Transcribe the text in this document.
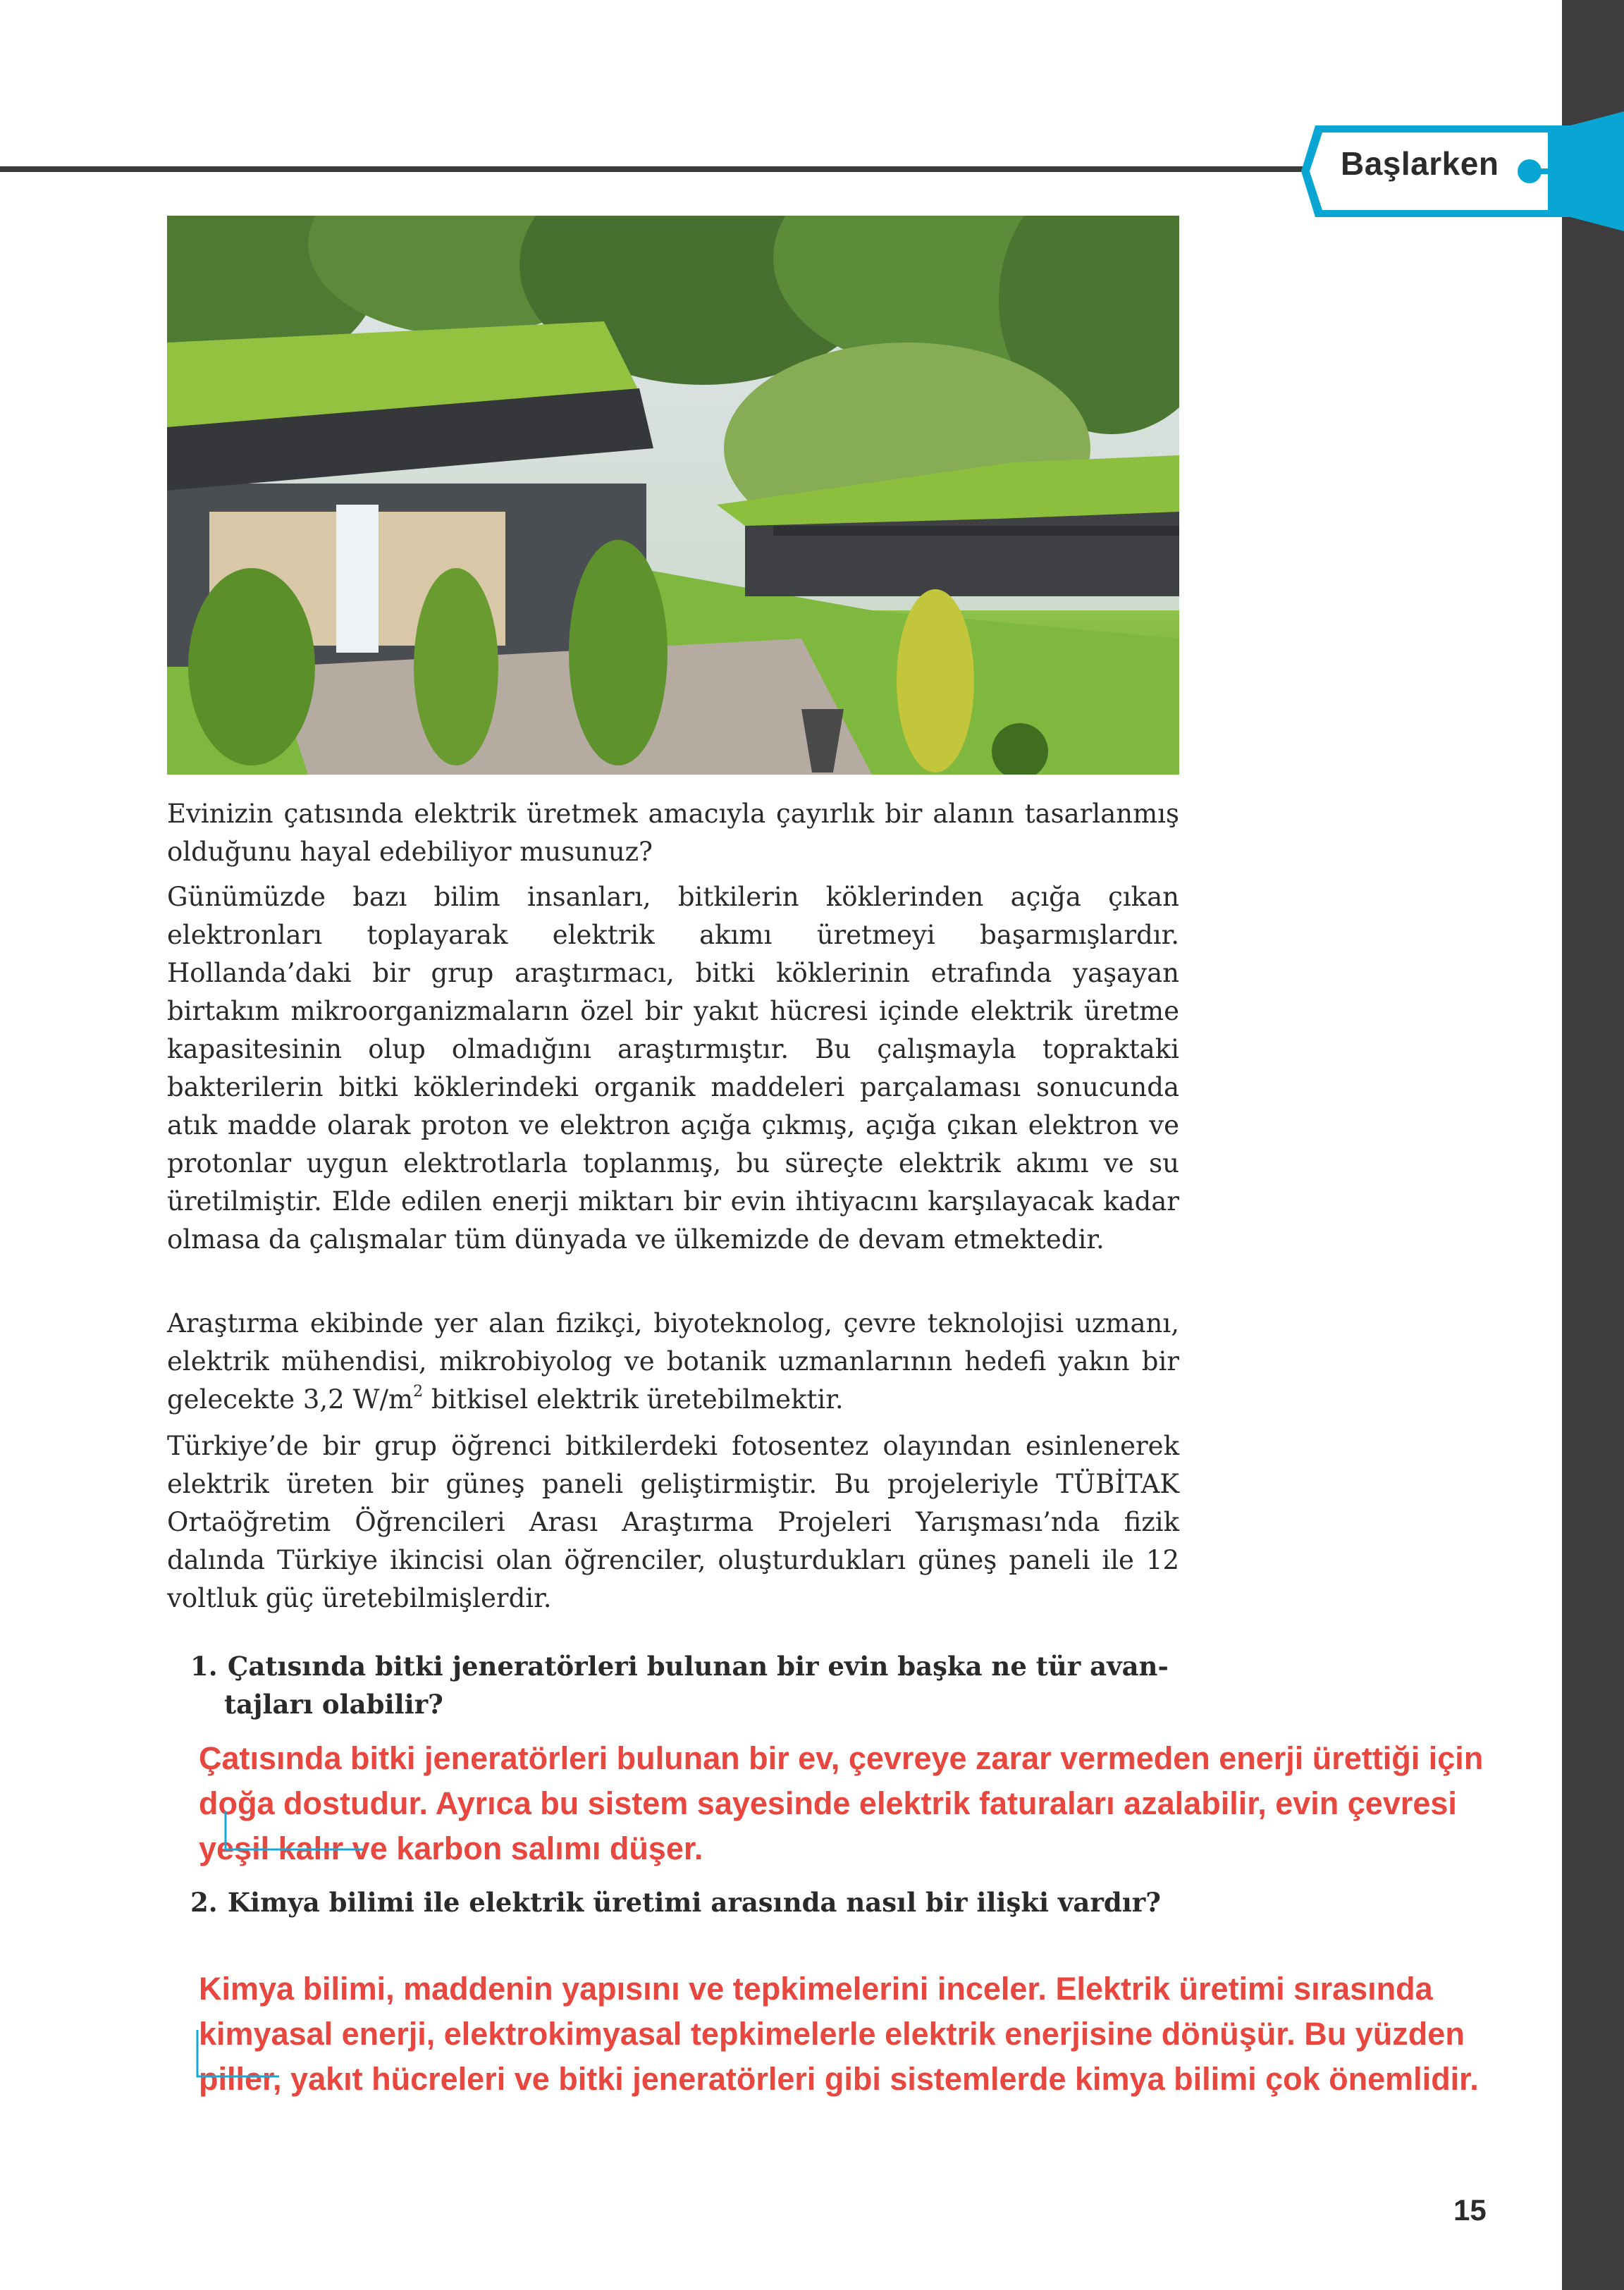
Başlarken

Evinizin çatısında elektrik üretmek amacıyla çayırlık bir alanın tasarlanmış olduğunu hayal edebiliyor musunuz?

Günümüzde bazı bilim insanları, bitkilerin köklerinden açığa çıkan elektronları toplayarak elektrik akımı üretmeyi başarmışlardır. Hollanda’daki bir grup araştırmacı, bitki köklerinin etrafında yaşayan birtakım mikroorganizmaların özel bir yakıt hücresi içinde elektrik üretme kapasitesinin olup olmadığını araştırmıştır. Bu çalışmayla topraktaki bakterilerin bitki köklerindeki organik maddeleri parçalaması sonucunda atık madde olarak proton ve elektron açığa çıkmış, açığa çıkan elektron ve protonlar uygun elektrotlarla toplanmış, bu süreçte elektrik akımı ve su üretilmiştir. Elde edilen enerji miktarı bir evin ihtiyacını karşılayacak kadar olmasa da çalışmalar tüm dünyada ve ülkemizde de devam etmektedir.

Araştırma ekibinde yer alan fizikçi, biyoteknolog, çevre teknolojisi uzmanı, elektrik mühendisi, mikrobiyolog ve botanik uzmanlarının hedefi yakın bir gelecekte 3,2 $W/m^2$ bitkisel elektrik üretebilmektir.

Türkiye’de bir grup öğrenci bitkilerdeki fotosentez olayından esinlenerek elektrik üreten bir güneş paneli geliştirmiştir. Bu projeleriyle TÜBİTAK Ortaöğretim Öğrencileri Arası Araştırma Projeleri Yarışması’nda fizik dalında Türkiye ikincisi olan öğrenciler, oluşturdukları güneş paneli ile 12 voltluk güç üretebilmişlerdir.

1. Çatısında bitki jeneratörleri bulunan bir evin başka ne tür avan-
tajları olabilir?

Çatısında bitki jeneratörleri bulunan bir ev, çevreye zarar vermeden enerji ürettiği için doğa dostudur. Ayrıca bu sistem sayesinde elektrik faturaları azalabilir, evin çevresi yeşil kalır ve karbon salımı düşer.

2. Kimya bilimi ile elektrik üretimi arasında nasıl bir ilişki vardır?

Kimya bilimi, maddenin yapısını ve tepkimelerini inceler. Elektrik üretimi sırasında kimyasal enerji, elektrokimyasal tepkimelerle elektrik enerjisine dönüşür. Bu yüzden piller, yakıt hücreleri ve bitki jeneratörleri gibi sistemlerde kimya bilimi çok önemlidir.

15
